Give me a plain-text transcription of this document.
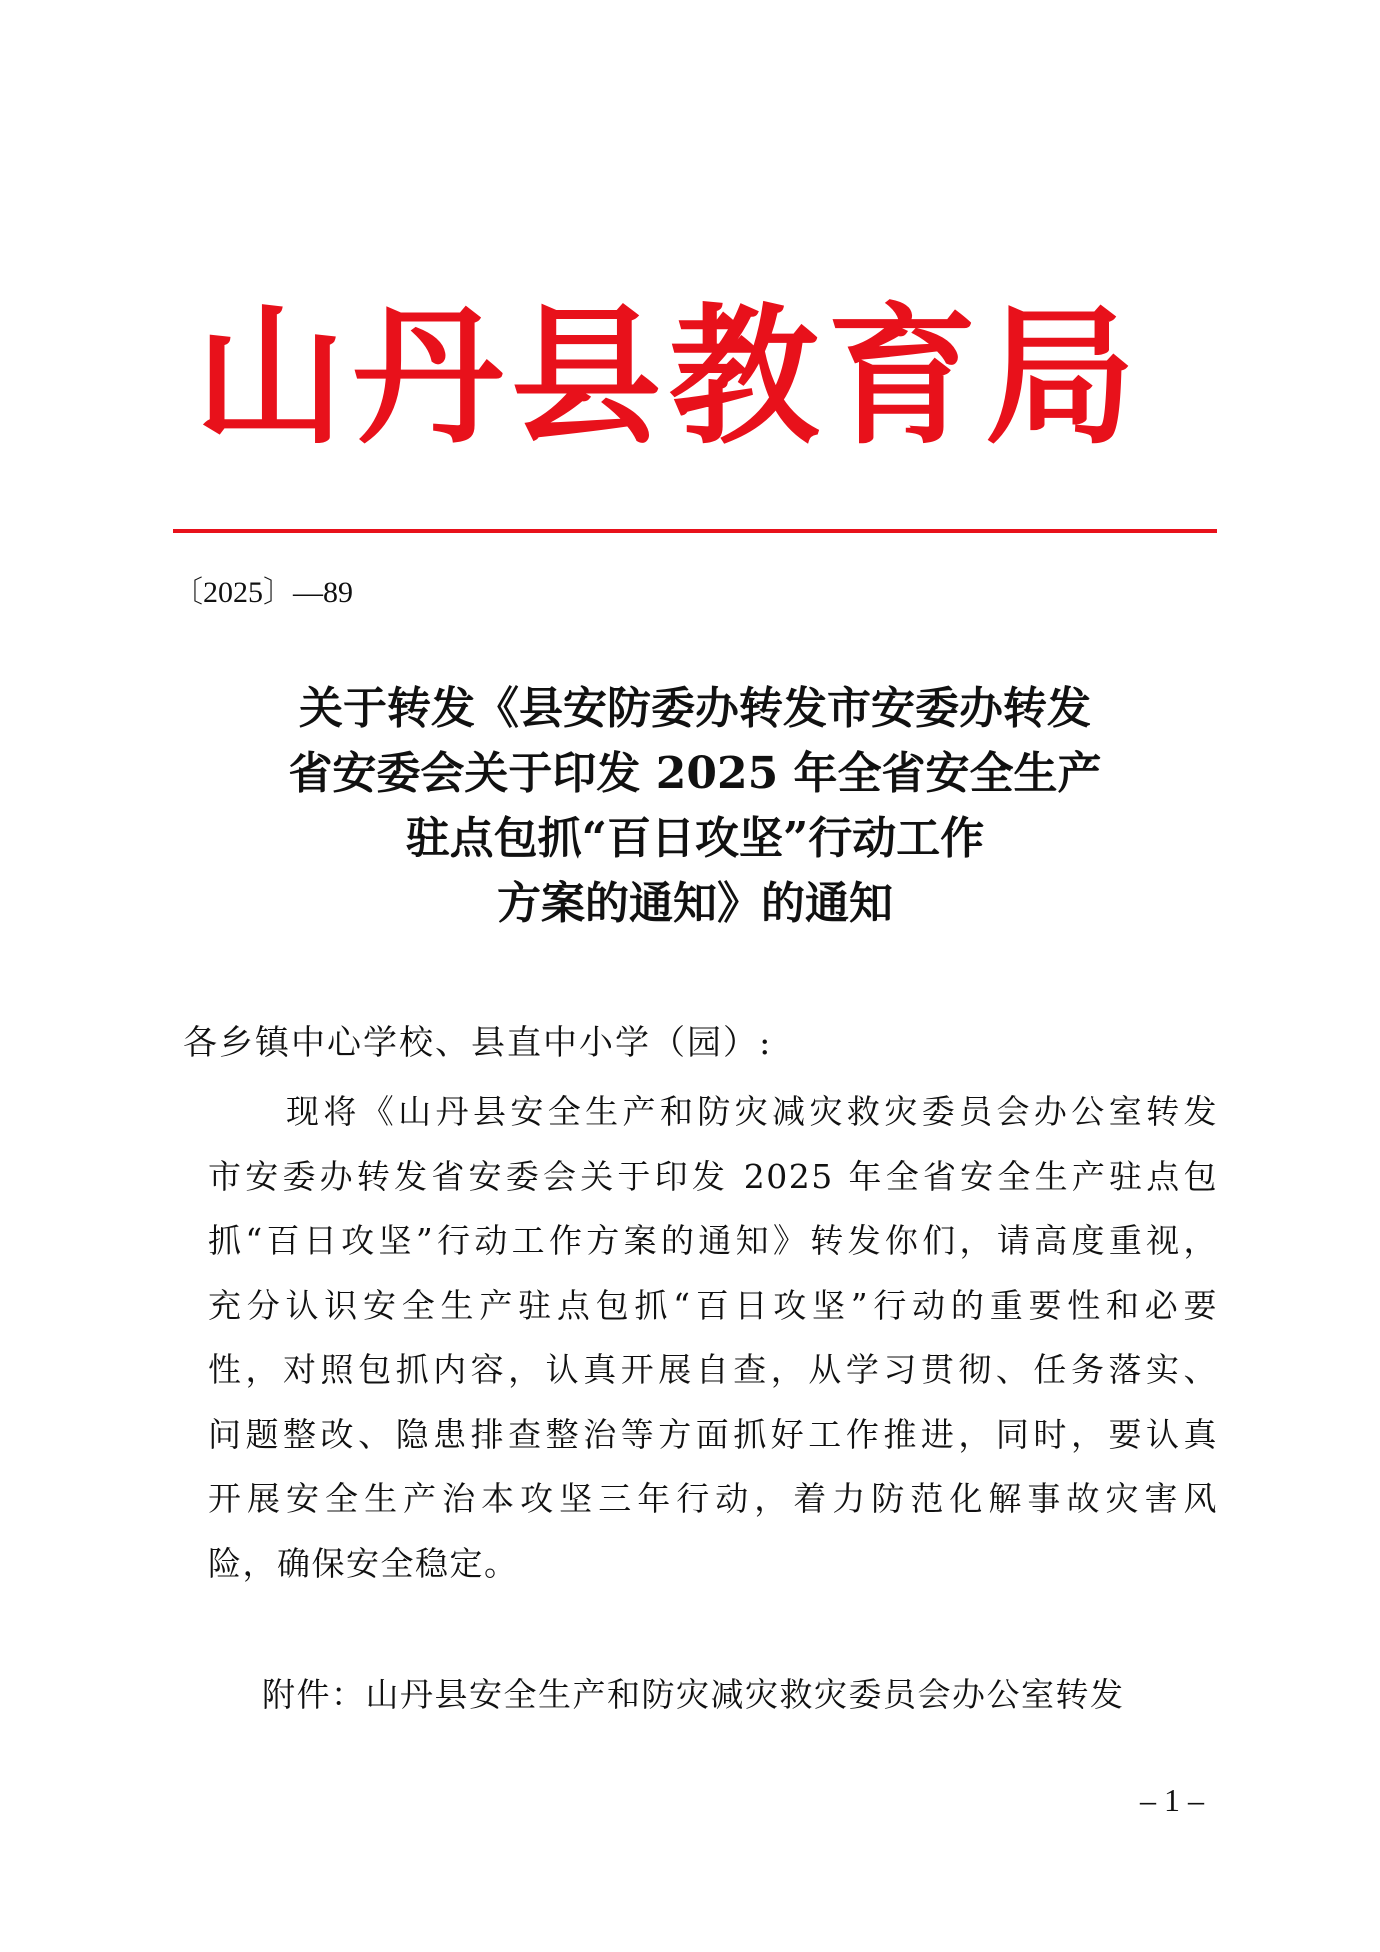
山丹县教育局
〔2025〕—89
关于转发《县安防委办转发市安委办转发
省安委会关于印发 2025 年全省安全生产
驻点包抓“百日攻坚”行动工作
方案的通知》的通知
各乡镇中心学校、县直中小学（园）:
现将《山丹县安全生产和防灾减灾救灾委员会办公室转发
市安委办转发省安委会关于印发 2025 年全省安全生产驻点包
抓“百日攻坚”行动工作方案的通知》转发你们，请高度重视，
充分认识安全生产驻点包抓“百日攻坚”行动的重要性和必要
性，对照包抓内容，认真开展自查，从学习贯彻、任务落实、
问题整改、隐患排查整治等方面抓好工作推进，同时，要认真
开展安全生产治本攻坚三年行动，着力防范化解事故灾害风
险，确保安全稳定。
附件：山丹县安全生产和防灾减灾救灾委员会办公室转发
– 1 –
